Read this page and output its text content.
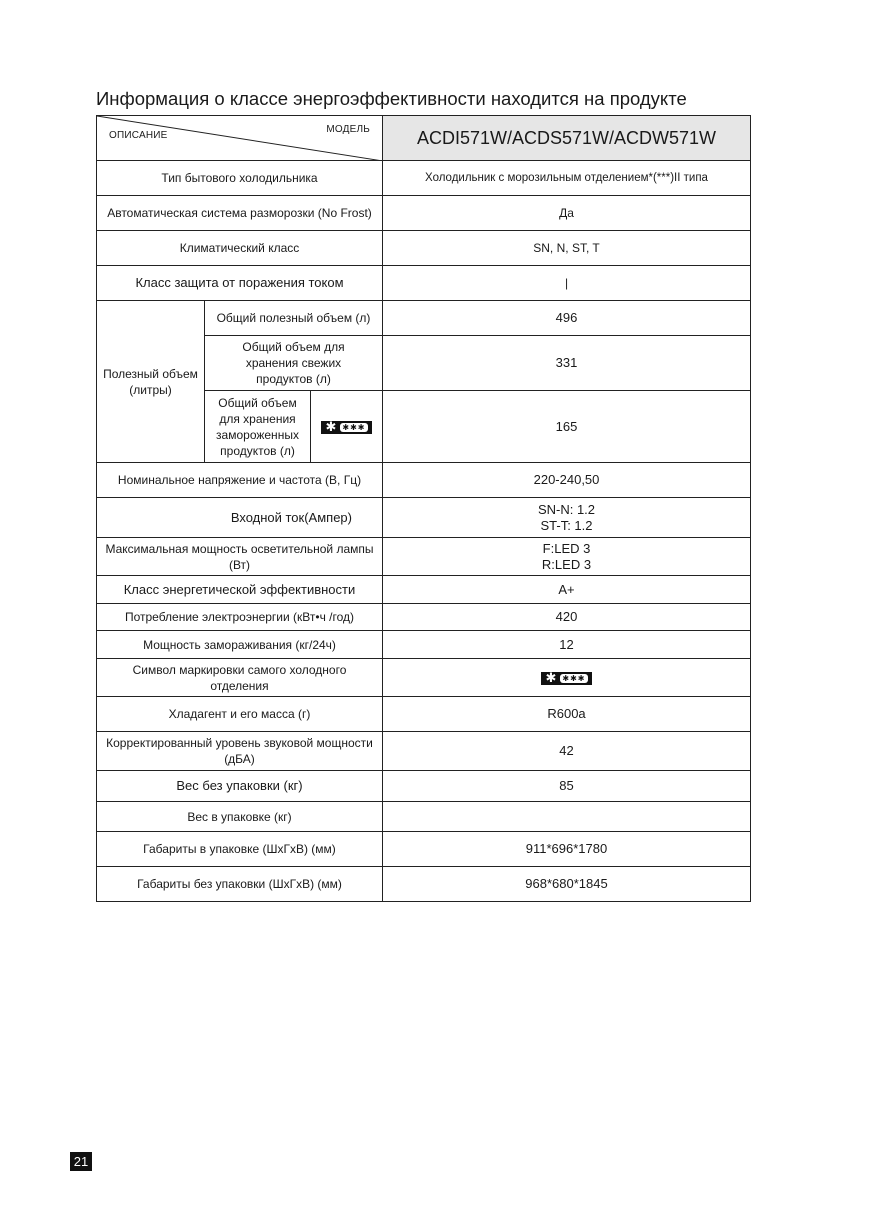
Информация о классе энергоэффективности находится на продукте
ОПИСАНИЕ
МОДЕЛЬ			ACDI571W/ACDS571W/ACDW571W
Тип бытового холодильника			Холодильник с морозильным отделением*(***)II типа
Автоматическая система разморозки (No Frost)			Да
Климатический класс			SN, N, ST, T
Класс защита от поражения током			|
Полезный объем
(литры)	Общий полезный объем (л)		496
	Общий объем для хранения свежих продуктов (л)		331
	Общий объем для хранения замороженных продуктов (л)	✱ ✱✱✱	165
Номинальное напряжение и частота (В, Гц)			220-240,50
Входной ток(Ампер)			SN-N: 1.2
ST-T: 1.2
Максимальная мощность осветительной лампы (Вт)			F:LED 3
R:LED 3
Класс энергетической эффективности			A+
Потребление электроэнергии (кВт•ч /год)			420
Мощность замораживания (кг/24ч)			12
Символ маркировки самого холодного отделения			✱ ✱✱✱
Хладагент и его масса (г)			R600a
Корректированный уровень звуковой мощности (дБА)			42
Вес без упаковки (кг)			85
Вес в упаковке (кг)			
Габариты в упаковке (ШхГхВ) (мм)			911*696*1780
Габариты без упаковки (ШхГхВ) (мм)			968*680*1845
21
